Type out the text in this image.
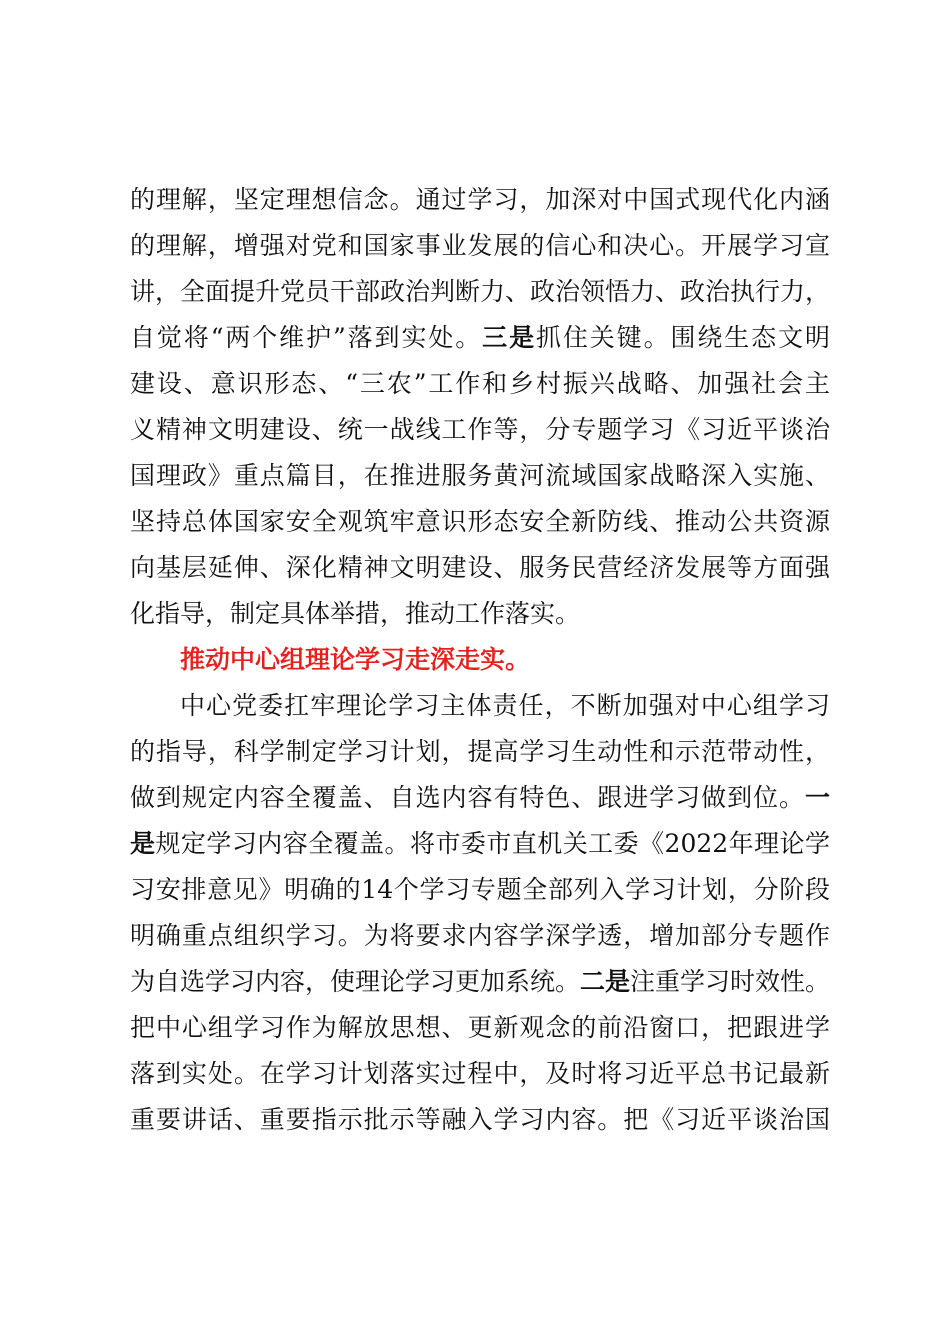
的理解，坚定理想信念。通过学习，加深对中国式现代化内涵
的理解，增强对党和国家事业发展的信心和决心。开展学习宣
讲，全面提升党员干部政治判断力、政治领悟力、政治执行力，
自觉将“两个维护”落到实处。三是抓住关键。围绕生态文明
建设、意识形态、“三农”工作和乡村振兴战略、加强社会主
义精神文明建设、统一战线工作等，分专题学习《习近平谈治
国理政》重点篇目，在推进服务黄河流域国家战略深入实施、
坚持总体国家安全观筑牢意识形态安全新防线、推动公共资源
向基层延伸、深化精神文明建设、服务民营经济发展等方面强
化指导，制定具体举措，推动工作落实。
推动中心组理论学习走深走实。
中心党委扛牢理论学习主体责任，不断加强对中心组学习
的指导，科学制定学习计划，提高学习生动性和示范带动性，
做到规定内容全覆盖、自选内容有特色、跟进学习做到位。一
是规定学习内容全覆盖。将市委市直机关工委《2022年理论学
习安排意见》明确的14个学习专题全部列入学习计划，分阶段
明确重点组织学习。为将要求内容学深学透，增加部分专题作
为自选学习内容，使理论学习更加系统。二是注重学习时效性。
把中心组学习作为解放思想、更新观念的前沿窗口，把跟进学
落到实处。在学习计划落实过程中，及时将习近平总书记最新
重要讲话、重要指示批示等融入学习内容。把《习近平谈治国
